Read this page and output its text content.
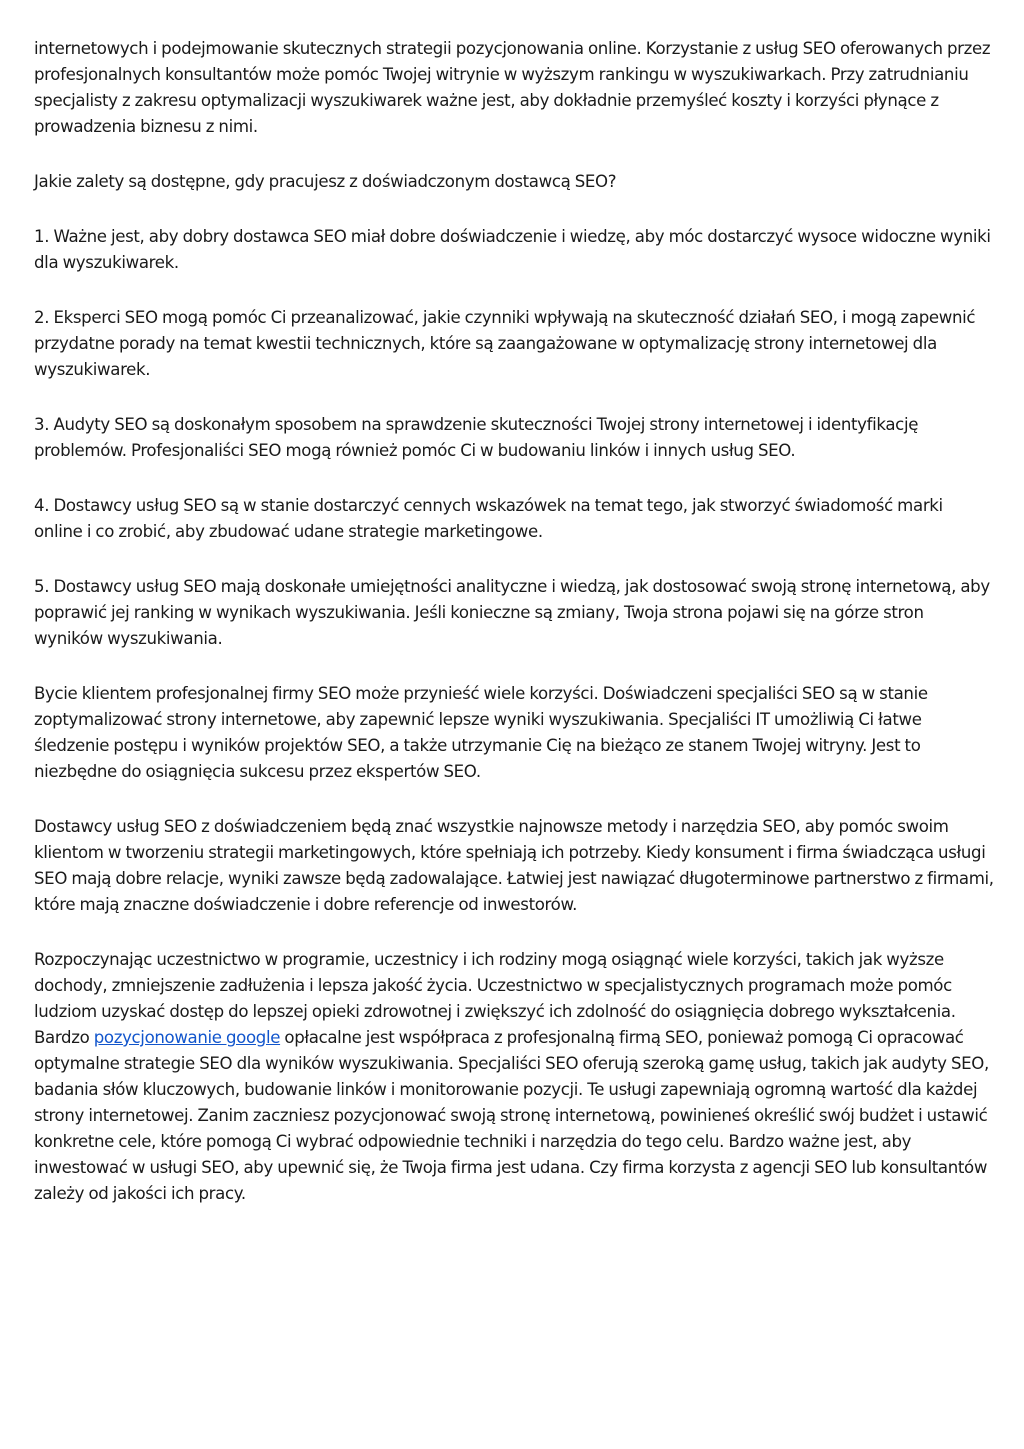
internetowych i podejmowanie skutecznych strategii pozycjonowania online. Korzystanie z usług SEO oferowanych przez profesjonalnych konsultantów może pomóc Twojej witrynie w wyższym rankingu w wyszukiwarkach. Przy zatrudnianiu specjalisty z zakresu optymalizacji wyszukiwarek ważne jest, aby dokładnie przemyśleć koszty i korzyści płynące z prowadzenia biznesu z nimi.

Jakie zalety są dostępne, gdy pracujesz z doświadczonym dostawcą SEO?

1. Ważne jest, aby dobry dostawca SEO miał dobre doświadczenie i wiedzę, aby móc dostarczyć wysoce widoczne wyniki dla wyszukiwarek.

2. Eksperci SEO mogą pomóc Ci przeanalizować, jakie czynniki wpływają na skuteczność działań SEO, i mogą zapewnić przydatne porady na temat kwestii technicznych, które są zaangażowane w optymalizację strony internetowej dla wyszukiwarek.

3. Audyty SEO są doskonałym sposobem na sprawdzenie skuteczności Twojej strony internetowej i identyfikację problemów. Profesjonaliści SEO mogą również pomóc Ci w budowaniu linków i innych usług SEO.

4. Dostawcy usług SEO są w stanie dostarczyć cennych wskazówek na temat tego, jak stworzyć świadomość marki online i co zrobić, aby zbudować udane strategie marketingowe.

5. Dostawcy usług SEO mają doskonałe umiejętności analityczne i wiedzą, jak dostosować swoją stronę internetową, aby poprawić jej ranking w wynikach wyszukiwania. Jeśli konieczne są zmiany, Twoja strona pojawi się na górze stron wyników wyszukiwania.

Bycie klientem profesjonalnej firmy SEO może przynieść wiele korzyści. Doświadczeni specjaliści SEO są w stanie zoptymalizować strony internetowe, aby zapewnić lepsze wyniki wyszukiwania. Specjaliści IT umożliwią Ci łatwe śledzenie postępu i wyników projektów SEO, a także utrzymanie Cię na bieżąco ze stanem Twojej witryny. Jest to niezbędne do osiągnięcia sukcesu przez ekspertów SEO.

Dostawcy usług SEO z doświadczeniem będą znać wszystkie najnowsze metody i narzędzia SEO, aby pomóc swoim klientom w tworzeniu strategii marketingowych, które spełniają ich potrzeby. Kiedy konsument i firma świadcząca usługi SEO mają dobre relacje, wyniki zawsze będą zadowalające. Łatwiej jest nawiązać długoterminowe partnerstwo z firmami, które mają znaczne doświadczenie i dobre referencje od inwestorów.

Rozpoczynając uczestnictwo w programie, uczestnicy i ich rodziny mogą osiągnąć wiele korzyści, takich jak wyższe dochody, zmniejszenie zadłużenia i lepsza jakość życia. Uczestnictwo w specjalistycznych programach może pomóc ludziom uzyskać dostęp do lepszej opieki zdrowotnej i zwiększyć ich zdolność do osiągnięcia dobrego wykształcenia. Bardzo pozycjonowanie google opłacalne jest współpraca z profesjonalną firmą SEO, ponieważ pomogą Ci opracować optymalne strategie SEO dla wyników wyszukiwania. Specjaliści SEO oferują szeroką gamę usług, takich jak audyty SEO, badania słów kluczowych, budowanie linków i monitorowanie pozycji. Te usługi zapewniają ogromną wartość dla każdej strony internetowej. Zanim zaczniesz pozycjonować swoją stronę internetową, powinieneś określić swój budżet i ustawić konkretne cele, które pomogą Ci wybrać odpowiednie techniki i narzędzia do tego celu. Bardzo ważne jest, aby inwestować w usługi SEO, aby upewnić się, że Twoja firma jest udana. Czy firma korzysta z agencji SEO lub konsultantów zależy od jakości ich pracy.
